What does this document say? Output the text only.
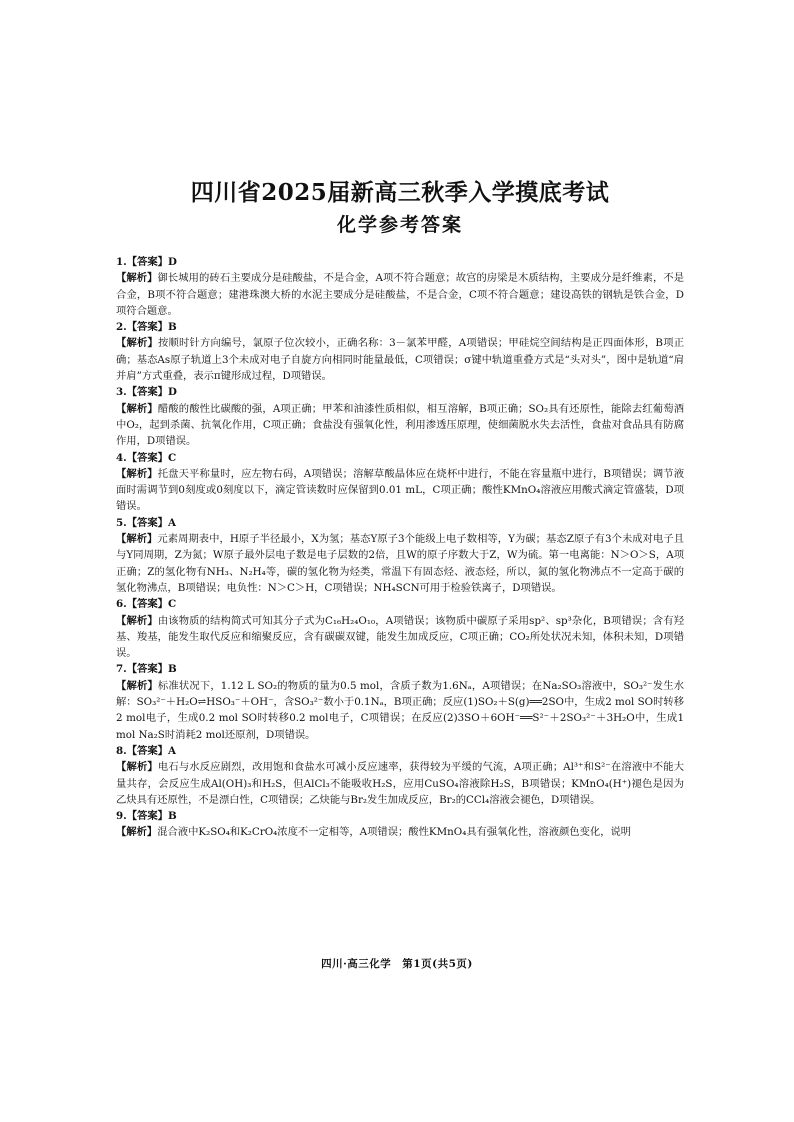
四川省2025届新高三秋季入学摸底考试
化学参考答案

1.【答案】D

【解析】御长城用的砖石主要成分是硅酸盐，不是合金，A项不符合题意；故宫的房梁是木质结构，主要成分是纤维素，不是合金，B项不符合题意；建港珠澳大桥的水泥主要成分是硅酸盐，不是合金，C项不符合题意；建设高铁的钢轨是铁合金，D项符合题意。

2.【答案】B

【解析】按顺时针方向编号，氯原子位次较小，正确名称：3－氯苯甲醛，A项错误；甲硅烷空间结构是正四面体形，B项正确；基态As原子轨道上3个未成对电子自旋方向相同时能量最低，C项错误；σ键中轨道重叠方式是“头对头”，图中是轨道“肩并肩”方式重叠，表示π键形成过程，D项错误。

3.【答案】D

【解析】醋酸的酸性比碳酸的强，A项正确；甲苯和油漆性质相似，相互溶解，B项正确；SO₂具有还原性，能除去红葡萄酒中O₂，起到杀菌、抗氧化作用，C项正确；食盐没有强氧化性，利用渗透压原理，使细菌脱水失去活性，食盐对食品具有防腐作用，D项错误。

4.【答案】C

【解析】托盘天平称量时，应左物右码，A项错误；溶解草酸晶体应在烧杯中进行，不能在容量瓶中进行，B项错误；调节液面时需调节到0刻度或0刻度以下，滴定管读数时应保留到0.01 mL，C项正确；酸性KMnO₄溶液应用酸式滴定管盛装，D项错误。

5.【答案】A

【解析】元素周期表中，H原子半径最小，X为氢；基态Y原子3个能级上电子数相等，Y为碳；基态Z原子有3个未成对电子且与Y同周期，Z为氮；W原子最外层电子数是电子层数的2倍，且W的原子序数大于Z，W为硫。第一电离能：N＞O＞S，A项正确；Z的氢化物有NH₃、N₂H₄等，碳的氢化物为烃类，常温下有固态烃、液态烃，所以，氮的氢化物沸点不一定高于碳的氢化物沸点，B项错误；电负性：N＞C＞H，C项错误；NH₄SCN可用于检验铁离子，D项错误。

6.【答案】C

【解析】由该物质的结构简式可知其分子式为C₁₆H₂₄O₁₀，A项错误；该物质中碳原子采用sp²、sp³杂化，B项错误；含有羟基、羧基，能发生取代反应和缩聚反应，含有碳碳双键，能发生加成反应，C项正确；CO₂所处状况未知，体积未知，D项错误。

7.【答案】B

【解析】标准状况下，1.12 L SO₂的物质的量为0.5 mol，含质子数为1.6Nₐ，A项错误；在Na₂SO₃溶液中，SO₃²⁻发生水解：SO₃²⁻＋H₂O⇌HSO₃⁻＋OH⁻，含SO₃²⁻数小于0.1Nₐ，B项正确；反应(1)SO₂＋S(g)══2SO中，生成2 mol SO时转移2 mol电子，生成0.2 mol SO时转移0.2 mol电子，C项错误；在反应(2)3SO＋6OH⁻══S²⁻＋2SO₃²⁻＋3H₂O中，生成1 mol Na₂S时消耗2 mol还原剂，D项错误。

8.【答案】A

【解析】电石与水反应剧烈，改用饱和食盐水可减小反应速率，获得较为平缓的气流，A项正确；Al³⁺和S²⁻在溶液中不能大量共存，会反应生成Al(OH)₃和H₂S，但AlCl₃不能吸收H₂S，应用CuSO₄溶液除H₂S，B项错误；KMnO₄(H⁺)褪色是因为乙炔具有还原性，不是漂白性，C项错误；乙炔能与Br₂发生加成反应，Br₂的CCl₄溶液会褪色，D项错误。

9.【答案】B

【解析】混合液中K₂SO₄和K₂CrO₄浓度不一定相等，A项错误；酸性KMnO₄具有强氧化性，溶液颜色变化，说明

四川·高三化学　第1页(共5页)
